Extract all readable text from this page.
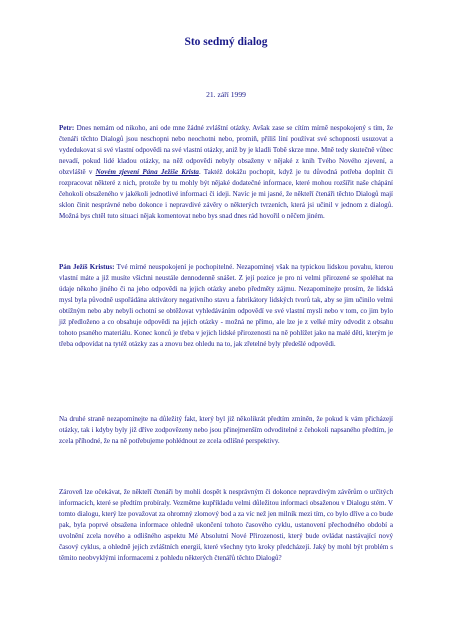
Sto sedmý dialog
21. září 1999

Petr: Dnes nemám od nikoho, ani ode mne žádné zvláštní otázky. Avšak zase se cítím mírně nespokojený s tím, že čtenáři těchto Dialogů jsou neschopni nebo neochotni nebo, promiň, příliš líní používat své schopnosti usuzovat a vydedukovat si své vlastní odpovědi na své vlastní otázky, aniž by je kladli Tobě skrze mne. Mně tedy skutečně vůbec nevadí, pokud lidé kladou otázky, na něž odpovědi nebyly obsaženy v nějaké z knih Tvého Nového zjevení, a obzvláště v Novém zjevení Pána Ježíše Krista. Taktéž dokážu pochopit, když je tu důvodná potřeba doplnit či rozpracovat některé z nich, protože by tu mohly být nějaké dodatečné informace, které mohou rozšířit naše chápání čehokoli obsaženého v jakékoli jednotlivé informaci či ideji. Navíc je mi jasné, že někteří čtenáři těchto Dialogů mají sklon činit nesprávné nebo dokonce i nepravdivé závěry o některých tvrzeních, která jsi učinil v jednom z dialogů. Možná bys chtěl tuto situaci nějak komentovat nebo bys snad dnes rád hovořil o něčem jiném.

Pán Ježíš Kristus: Tvé mírné neuspokojení je pochopitelné. Nezapomínej však na typickou lidskou povahu, kterou vlastní máte a již musíte všichni neustále dennodenně snášet. Z její pozice je pro ni velmi přirozené se spoléhat na údaje někoho jiného či na jeho odpovědi na jejich otázky anebo předměty zájmu. Nezapomínejte prosím, že lidská mysl byla původně uspořádána aktivátory negativního stavu a fabrikátory lidských tvorů tak, aby se jim učinilo velmi obtížným nebo aby nebyli ochotní se obtěžovat vyhledáváním odpovědí ve své vlastní mysli nebo v tom, co jim bylo již předloženo a co obsahuje odpovědi na jejich otázky - možná ne přímo, ale lze je z velké míry odvodit z obsahu tohoto psaného materiálu. Konec konců je třeba v jejich lidské přirozenosti na ně pohlížet jako na malé děti, kterým je třeba odpovídat na tytéž otázky zas a znovu bez ohledu na to, jak zřetelné byly předešlé odpovědi.

Na druhé straně nezapomínejte na důležitý fakt, který byl již několikrát předtím zmíněn, že pokud k vám přicházejí otázky, tak i kdyby byly již dříve zodpovězeny nebo jsou přinejmenším odvoditelné z čehokoli napsaného předtím, je zcela příhodné, že na ně potřebujeme pohlédnout ze zcela odlišné perspektivy.

Zároveň lze očekávat, že někteří čtenáři by mohli dospět k nesprávným či dokonce nepravdivým závěrům o určitých informacích, které se předtím probíraly. Vezměme kupříkladu velmi důležitou informaci obsaženou v Dialogu stém. V tomto dialogu, který lze považovat za ohromný zlomový bod a za víc než jen milník mezi tím, co bylo dříve a co bude pak, byla poprvé obsažena informace ohledně ukončení tohoto časového cyklu, ustanovení přechodného období a uvolnění zcela nového a odlišného aspektu Mé Absolutní Nové Přirozenosti, který bude ovládat nastávající nový časový cyklus, a ohledně jejích zvláštních energií, které všechny tyto kroky předcházejí. Jaký by mohl být problém s těmito neobvyklými informacemi z pohledu některých čtenářů těchto Dialogů?
